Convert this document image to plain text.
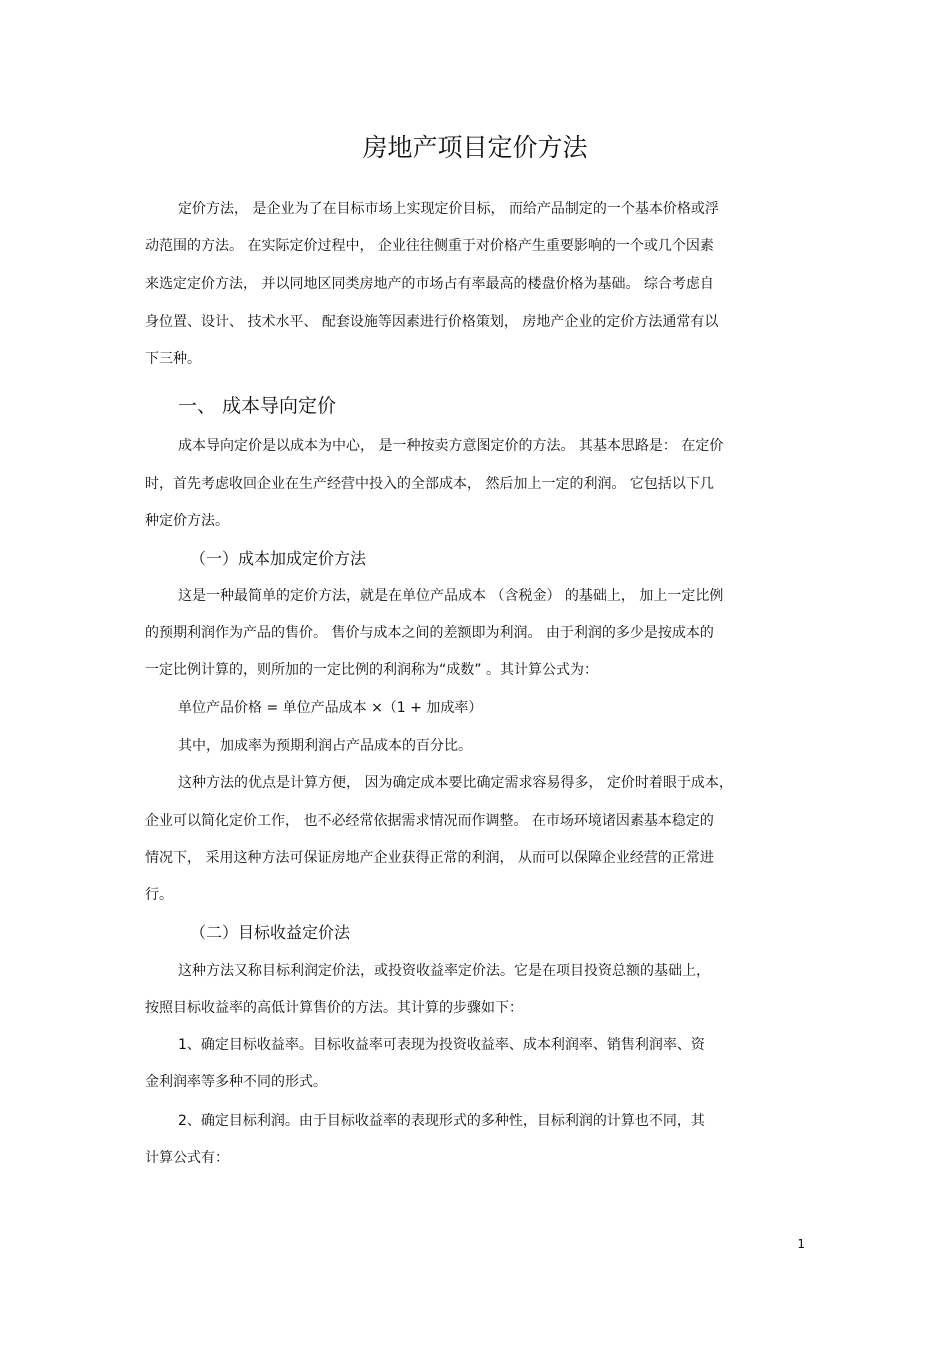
房地产项目定价方法

定价方法， 是企业为了在目标市场上实现定价目标， 而给产品制定的一个基本价格或浮

动范围的方法。 在实际定价过程中， 企业往往侧重于对价格产生重要影响的一个或几个因素

来选定定价方法， 并以同地区同类房地产的市场占有率最高的楼盘价格为基础。 综合考虑自

身位置、设计、 技术水平、 配套设施等因素进行价格策划， 房地产企业的定价方法通常有以

下三种。

一、 成本导向定价

成本导向定价是以成本为中心， 是一种按卖方意图定价的方法。 其基本思路是： 在定价

时，首先考虑收回企业在生产经营中投入的全部成本， 然后加上一定的利润。 它包括以下几

种定价方法。

（一）成本加成定价方法

这是一种最简单的定价方法，就是在单位产品成本 （含税金） 的基础上， 加上一定比例

的预期利润作为产品的售价。 售价与成本之间的差额即为利润。 由于利润的多少是按成本的

一定比例计算的，则所加的一定比例的利润称为“成数” 。其计算公式为：

单位产品价格 = 单位产品成本 ×（1 + 加成率）

其中，加成率为预期利润占产品成本的百分比。

这种方法的优点是计算方便， 因为确定成本要比确定需求容易得多， 定价时着眼于成本，

企业可以简化定价工作， 也不必经常依据需求情况而作调整。 在市场环境诸因素基本稳定的

情况下， 采用这种方法可保证房地产企业获得正常的利润， 从而可以保障企业经营的正常进

行。

（二）目标收益定价法

这种方法又称目标利润定价法，或投资收益率定价法。它是在项目投资总额的基础上，

按照目标收益率的高低计算售价的方法。其计算的步骤如下：

1、确定目标收益率。目标收益率可表现为投资收益率、成本利润率、销售利润率、资

金利润率等多种不同的形式。

2、确定目标利润。由于目标收益率的表现形式的多种性，目标利润的计算也不同，其

计算公式有：

1
